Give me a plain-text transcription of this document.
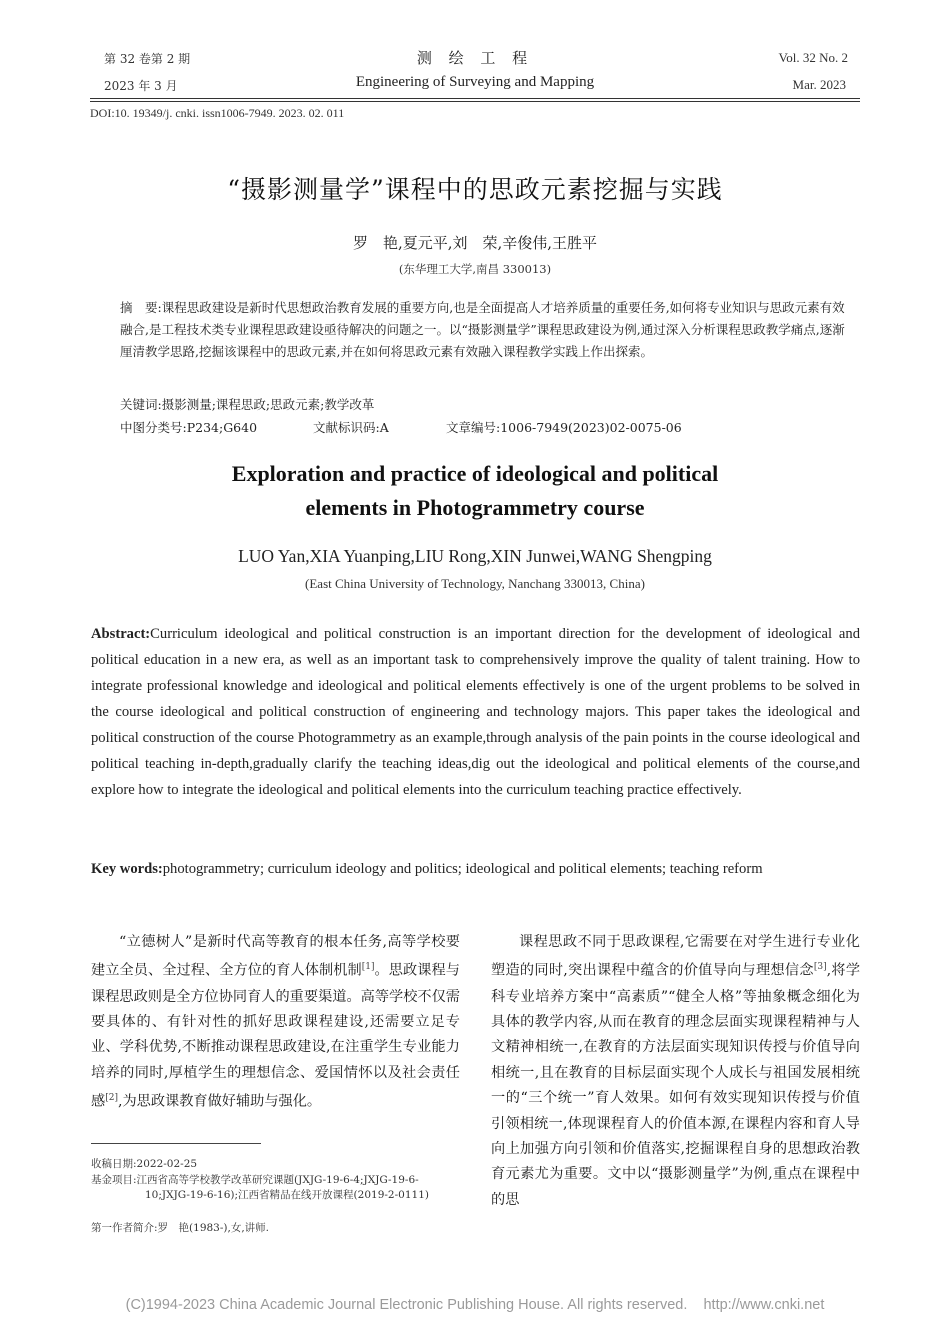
第 32 卷第 2 期
2023 年 3 月
测 绘 工 程
Engineering of Surveying and Mapping
Vol. 32 No. 2
Mar. 2023
DOI:10. 19349/j. cnki. issn1006-7949. 2023. 02. 011
“摄影测量学”课程中的思政元素挖掘与实践
罗　艳,夏元平,刘　荣,辛俊伟,王胜平
(东华理工大学,南昌 330013)
摘　要:课程思政建设是新时代思想政治教育发展的重要方向,也是全面提高人才培养质量的重要任务,如何将专业知识与思政元素有效融合,是工程技术类专业课程思政建设亟待解决的问题之一。以“摄影测量学”课程思政建设为例,通过深入分析课程思政教学痛点,逐渐厘清教学思路,挖掘该课程中的思政元素,并在如何将思政元素有效融入课程教学实践上作出探索。
关键词:摄影测量;课程思政;思政元素;教学改革
中图分类号:P234;G640	文献标识码:A	文章编号:1006-7949(2023)02-0075-06
Exploration and practice of ideological and political
elements in Photogrammetry course
LUO Yan,XIA Yuanping,LIU Rong,XIN Junwei,WANG Shengping
(East China University of Technology, Nanchang 330013, China)
Abstract:Curriculum ideological and political construction is an important direction for the development of ideological and political education in a new era, as well as an important task to comprehensively improve the quality of talent training. How to integrate professional knowledge and ideological and political elements effectively is one of the urgent problems to be solved in the course ideological and political construction of engineering and technology majors. This paper takes the ideological and political construction of the course Photogrammetry as an example,through analysis of the pain points in the course ideological and political teaching in-depth,gradually clarify the teaching ideas,dig out the ideological and political elements of the course,and explore how to integrate the ideological and political elements into the curriculum teaching practice effectively.
Key words:photogrammetry; curriculum ideology and politics; ideological and political elements; teaching reform
“立德树人”是新时代高等教育的根本任务,高等学校要建立全员、全过程、全方位的育人体制机制[1]。思政课程与课程思政则是全方位协同育人的重要渠道。高等学校不仅需要具体的、有针对性的抓好思政课程建设,还需要立足专业、学科优势,不断推动课程思政建设,在注重学生专业能力培养的同时,厚植学生的理想信念、爱国情怀以及社会责任感[2],为思政课教育做好辅助与强化。
收稿日期:2022-02-25
基金项目:江西省高等学校教学改革研究课题(JXJG-19-6-4;JXJG-19-6-10;JXJG-19-6-16);江西省精品在线开放课程(2019-2-0111)
第一作者简介:罗　艳(1983-),女,讲师.
课程思政不同于思政课程,它需要在对学生进行专业化塑造的同时,突出课程中蕴含的价值导向与理想信念[3],将学科专业培养方案中“高素质”“健全人格”等抽象概念细化为具体的教学内容,从而在教育的理念层面实现课程精神与人文精神相统一,在教育的方法层面实现知识传授与价值导向相统一,且在教育的目标层面实现个人成长与祖国发展相统一的“三个统一”育人效果。如何有效实现知识传授与价值引领相统一,体现课程育人的价值本源,在课程内容和育人导向上加强方向引领和价值落实,挖掘课程自身的思想政治教育元素尤为重要。文中以“摄影测量学”为例,重点在课程中的思
(C)1994-2023 China Academic Journal Electronic Publishing House. All rights reserved.    http://www.cnki.net
